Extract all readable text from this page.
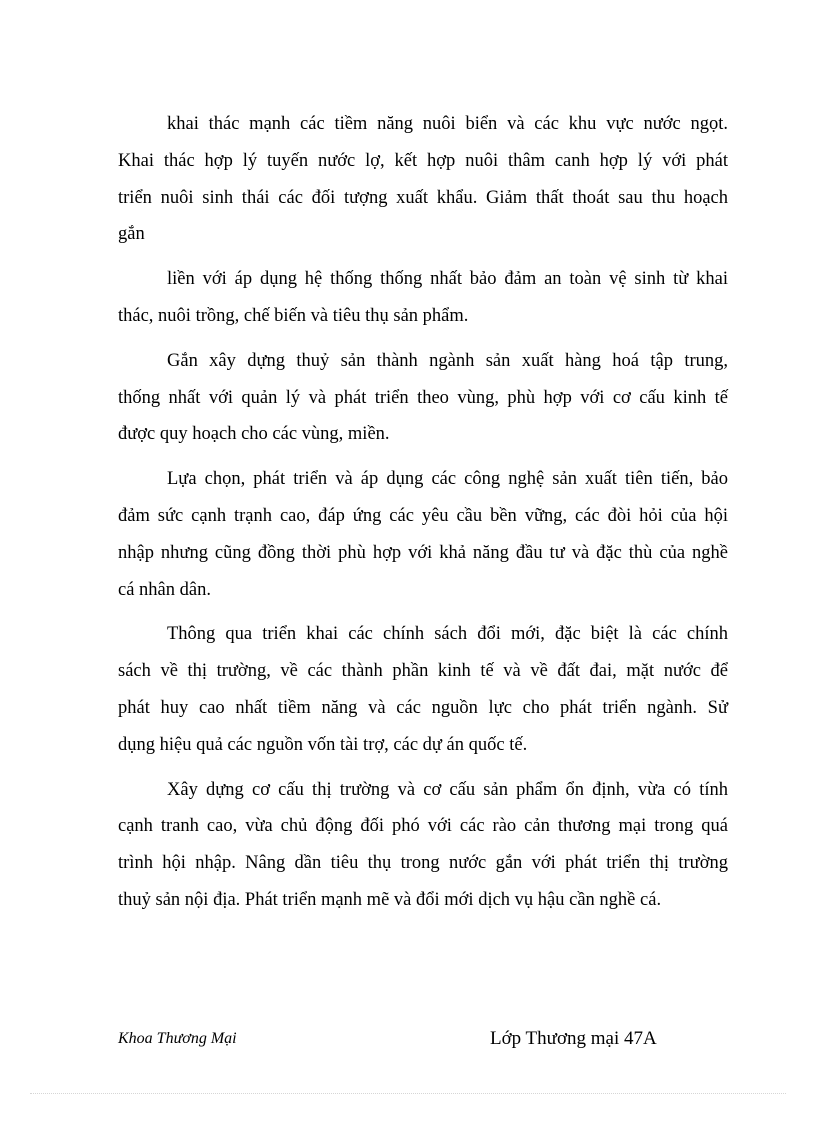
khai thác mạnh các tiềm năng nuôi biển và các khu vực nước ngọt.
Khai thác hợp lý tuyến nước lợ, kết hợp nuôi thâm canh hợp lý với phát
triển nuôi sinh thái các đối tượng xuất khẩu. Giảm thất thoát sau thu hoạch
gắn

liền với áp dụng hệ thống thống nhất bảo đảm an toàn vệ sinh từ khai
thác, nuôi trồng, chế biến và tiêu thụ sản phẩm.

Gắn xây dựng thuỷ sản thành ngành sản xuất hàng hoá tập trung,
thống nhất với quản lý và phát triển theo vùng, phù hợp với cơ cấu kinh tế
được quy hoạch cho các vùng, miền.

Lựa chọn, phát triển và áp dụng các công nghệ sản xuất tiên tiến, bảo
đảm sức cạnh trạnh cao, đáp ứng các yêu cầu bền vững, các đòi hỏi của hội
nhập nhưng cũng đồng thời phù hợp với khả năng đầu tư và đặc thù của nghề
cá nhân dân.

Thông qua triển khai các chính sách đổi mới, đặc biệt là các chính
sách về thị trường, về các thành phần kinh tế và về đất đai, mặt nước để
phát huy cao nhất tiềm năng và các nguồn lực cho phát triển ngành. Sử
dụng hiệu quả các nguồn vốn tài trợ, các dự án quốc tế.

Xây dựng cơ cấu thị trường và cơ cấu sản phẩm ổn định, vừa có tính
cạnh tranh cao, vừa chủ động đối phó với các rào cản thương mại trong quá
trình hội nhập. Nâng dần tiêu thụ trong nước gắn với phát triển thị trường
thuỷ sản nội địa. Phát triển mạnh mẽ và đổi mới dịch vụ hậu cần nghề cá.

Khoa Thương Mại	Lớp Thương mại 47A
